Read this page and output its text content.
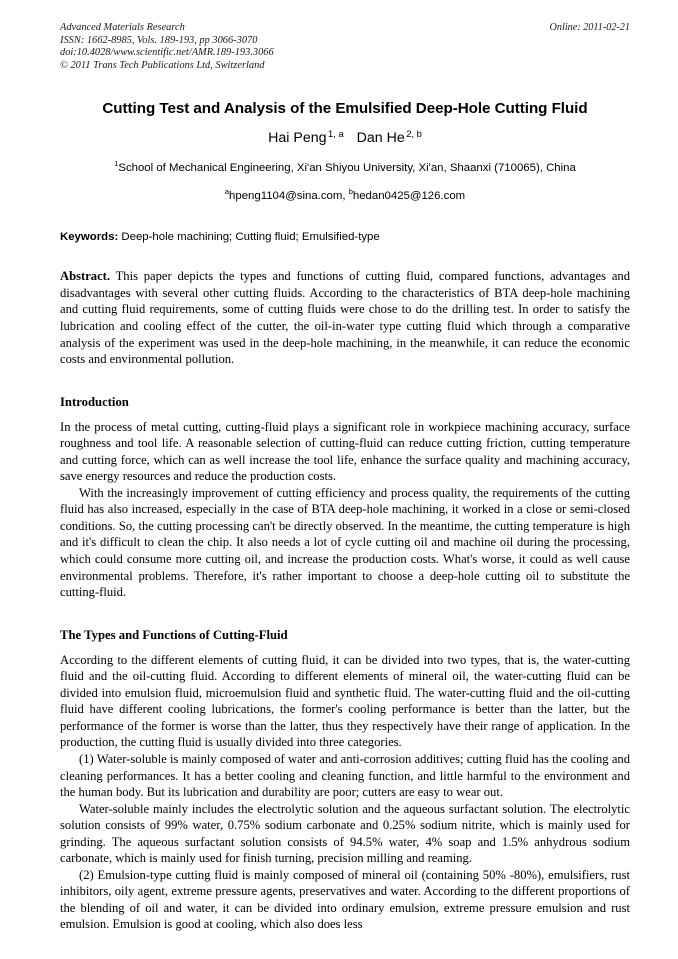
Online: 2011-02-21
Advanced Materials Research
ISSN: 1662-8985, Vols. 189-193, pp 3066-3070
doi:10.4028/www.scientific.net/AMR.189-193.3066
© 2011 Trans Tech Publications Ltd, Switzerland
Cutting Test and Analysis of the Emulsified Deep-Hole Cutting Fluid
Hai Peng $^{1, a}$ Dan He $^{2, b}$
$^1$School of Mechanical Engineering, Xi'an Shiyou University, Xi'an, Shaanxi (710065), China
$^a$hpeng1104@sina.com, $^b$hedan0425@126.com
Keywords: Deep-hole machining; Cutting fluid; Emulsified-type

Abstract. This paper depicts the types and functions of cutting fluid, compared functions, advantages and disadvantages with several other cutting fluids. According to the characteristics of BTA deep-hole machining and cutting fluid requirements, some of cutting fluids were chose to do the drilling test. In order to satisfy the lubrication and cooling effect of the cutter, the oil-in-water type cutting fluid which through a comparative analysis of the experiment was used in the deep-hole machining, in the meanwhile, it can reduce the economic costs and environmental pollution.

Introduction

In the process of metal cutting, cutting-fluid plays a significant role in workpiece machining accuracy, surface roughness and tool life. A reasonable selection of cutting-fluid can reduce cutting friction, cutting temperature and cutting force, which can as well increase the tool life, enhance the surface quality and machining accuracy, save energy resources and reduce the production costs.

With the increasingly improvement of cutting efficiency and process quality, the requirements of the cutting fluid has also increased, especially in the case of BTA deep-hole machining, it worked in a close or semi-closed conditions. So, the cutting processing can't be directly observed. In the meantime, the cutting temperature is high and it's difficult to clean the chip. It also needs a lot of cycle cutting oil and machine oil during the processing, which could consume more cutting oil, and increase the production costs. What's worse, it could as well cause environmental problems. Therefore, it's rather important to choose a deep-hole cutting oil to substitute the cutting-fluid.

The Types and Functions of Cutting-Fluid

According to the different elements of cutting fluid, it can be divided into two types, that is, the water-cutting fluid and the oil-cutting fluid. According to different elements of mineral oil, the water-cutting fluid can be divided into emulsion fluid, microemulsion fluid and synthetic fluid. The water-cutting fluid and the oil-cutting fluid have different cooling lubrications, the former's cooling performance is better than the latter, but the performance of the former is worse than the latter, thus they respectively have their range of application. In the production, the cutting fluid is usually divided into three categories.

(1) Water-soluble is mainly composed of water and anti-corrosion additives; cutting fluid has the cooling and cleaning performances. It has a better cooling and cleaning function, and little harmful to the environment and the human body. But its lubrication and durability are poor; cutters are easy to wear out.

Water-soluble mainly includes the electrolytic solution and the aqueous surfactant solution. The electrolytic solution consists of 99% water, 0.75% sodium carbonate and 0.25% sodium nitrite, which is mainly used for grinding. The aqueous surfactant solution consists of 94.5% water, 4% soap and 1.5% anhydrous sodium carbonate, which is mainly used for finish turning, precision milling and reaming.

(2) Emulsion-type cutting fluid is mainly composed of mineral oil (containing 50% -80%), emulsifiers, rust inhibitors, oily agent, extreme pressure agents, preservatives and water. According to the different proportions of the blending of oil and water, it can be divided into ordinary emulsion, extreme pressure emulsion and rust emulsion. Emulsion is good at cooling, which also does less
